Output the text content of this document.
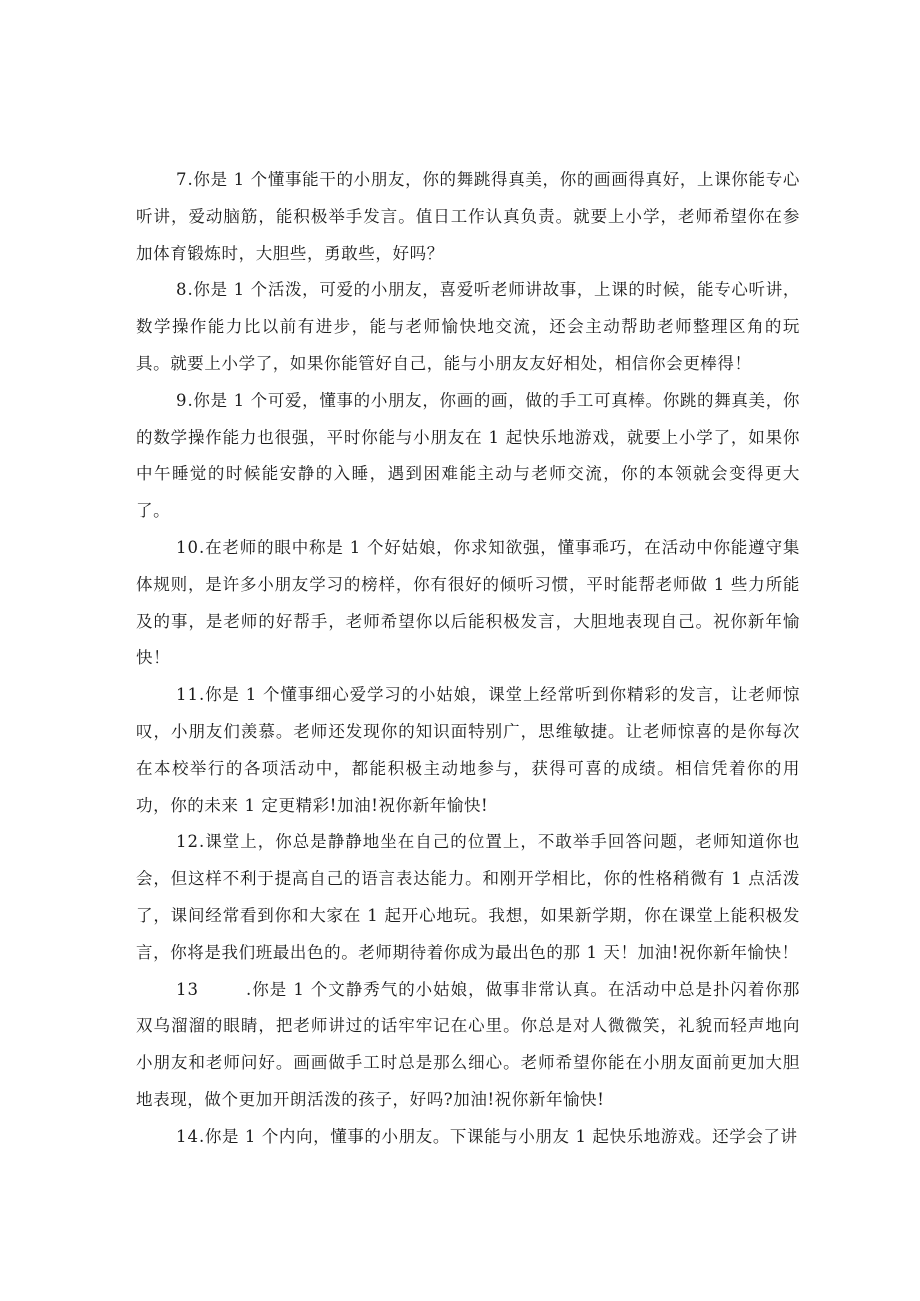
7.你是 1 个懂事能干的小朋友，你的舞跳得真美，你的画画得真好，上课你能专心听讲，爱动脑筋，能积极举手发言。值日工作认真负责。就要上小学，老师希望你在参加体育锻炼时，大胆些，勇敢些，好吗？

8.你是 1 个活泼，可爱的小朋友，喜爱听老师讲故事，上课的时候，能专心听讲，数学操作能力比以前有进步，能与老师愉快地交流，还会主动帮助老师整理区角的玩具。就要上小学了，如果你能管好自己，能与小朋友友好相处，相信你会更棒得！

9.你是 1 个可爱，懂事的小朋友，你画的画，做的手工可真棒。你跳的舞真美，你的数学操作能力也很强，平时你能与小朋友在 1 起快乐地游戏，就要上小学了，如果你中午睡觉的时候能安静的入睡，遇到困难能主动与老师交流，你的本领就会变得更大了。

10.在老师的眼中称是 1 个好姑娘，你求知欲强，懂事乖巧，在活动中你能遵守集体规则，是许多小朋友学习的榜样，你有很好的倾听习惯，平时能帮老师做 1 些力所能及的事，是老师的好帮手，老师希望你以后能积极发言，大胆地表现自己。祝你新年愉快！

11.你是 1 个懂事细心爱学习的小姑娘，课堂上经常听到你精彩的发言，让老师惊叹，小朋友们羡慕。老师还发现你的知识面特别广，思维敏捷。让老师惊喜的是你每次在本校举行的各项活动中，都能积极主动地参与，获得可喜的成绩。相信凭着你的用功，你的未来 1 定更精彩!加油!祝你新年愉快!

12.课堂上，你总是静静地坐在自己的位置上，不敢举手回答问题，老师知道你也会，但这样不利于提高自己的语言表达能力。和刚开学相比，你的性格稍微有 1 点活泼了，课间经常看到你和大家在 1 起开心地玩。我想，如果新学期，你在课堂上能积极发言，你将是我们班最出色的。老师期待着你成为最出色的那 1 天！加油!祝你新年愉快！

13	.你是 1 个文静秀气的小姑娘，做事非常认真。在活动中总是扑闪着你那双乌溜溜的眼睛，把老师讲过的话牢牢记在心里。你总是对人微微笑，礼貌而轻声地向小朋友和老师问好。画画做手工时总是那么细心。老师希望你能在小朋友面前更加大胆地表现，做个更加开朗活泼的孩子，好吗?加油!祝你新年愉快!

14.你是 1 个内向，懂事的小朋友。下课能与小朋友 1 起快乐地游戏。还学会了讲
